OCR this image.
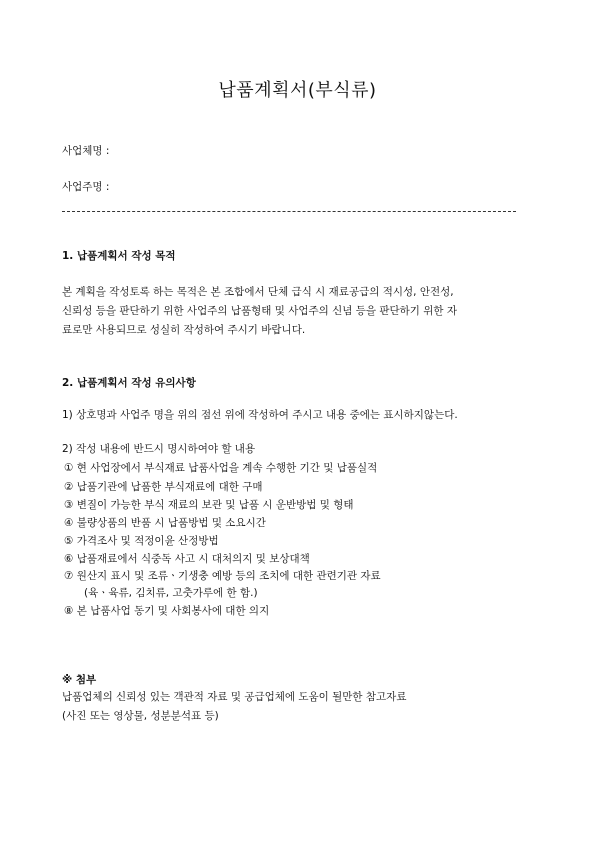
납품계획서(부식류)
사업체명 :
사업주명 :
1. 납품계획서 작성 목적
본 계획을 작성토록 하는 목적은 본 조합에서 단체 급식 시 재료공급의 적시성, 안전성,
신뢰성 등을 판단하기 위한 사업주의 납품형태 및 사업주의 신념 등을 판단하기 위한 자
료로만 사용되므로 성실히 작성하여 주시기 바랍니다.
2. 납품계획서 작성 유의사항
1) 상호명과 사업주 명을 위의 점선 위에 작성하여 주시고 내용 중에는 표시하지않는다.
2) 작성 내용에 반드시 명시하여야 할 내용
① 현 사업장에서 부식재료 납품사업을 계속 수행한 기간 및 납품실적
② 납품기관에 납품한 부식재료에 대한 구매
③ 변질이 가능한 부식 재료의 보관 및 납품 시 운반방법 및 형태
④ 불량상품의 반품 시 납품방법 및 소요시간
⑤ 가격조사 및 적정이윤 산정방법
⑥ 납품재료에서 식중독 사고 시 대처의지 및 보상대책
⑦ 원산지 표시 및 조류ㆍ기생충 예방 등의 조치에 대한 관련기관 자료
(육ㆍ육류, 김치류, 고춧가루에 한 함.)
⑧ 본 납품사업 동기 및 사회봉사에 대한 의지
※ 첨부
납품업체의 신뢰성 있는 객관적 자료 및 공급업체에 도움이 될만한 참고자료
(사진 또는 영상물, 성분분석표 등)
